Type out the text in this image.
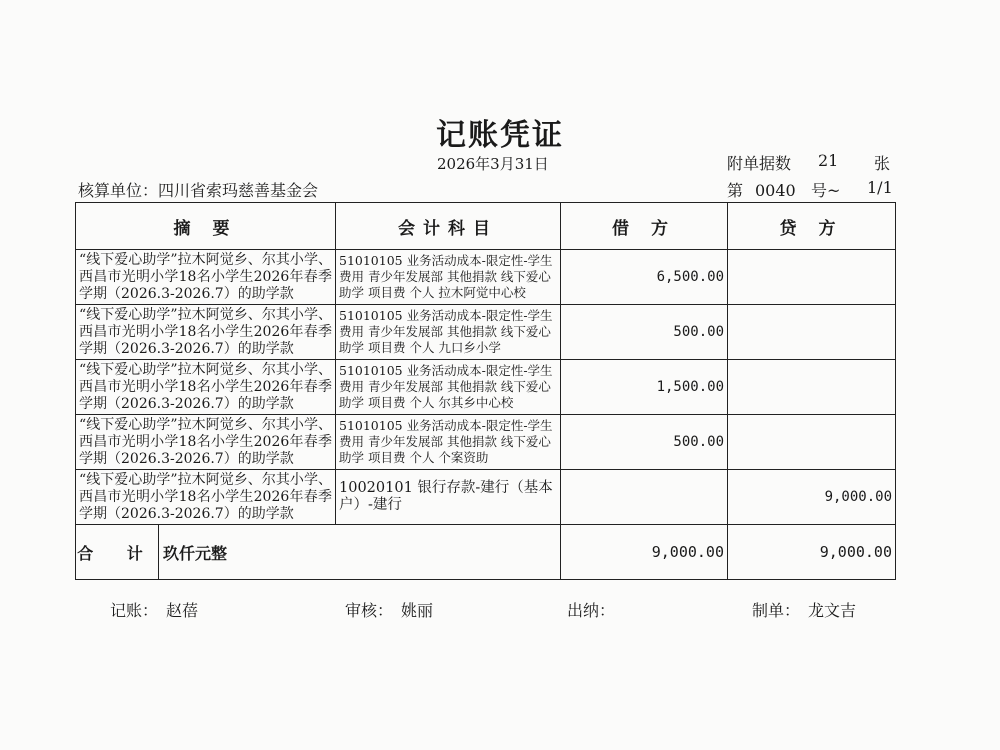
记账凭证
2026年3月31日	附单据数 21 张
核算单位：四川省索玛慈善基金会	第 0040 号~ 1/1
摘 要	会计科目	借 方	贷 方
“线下爱心助学”拉木阿觉乡、尔其小学、西昌市光明小学18名小学生2026年春季学期（2026.3-2026.7）的助学款	51010105 业务活动成本-限定性-学生费用 青少年发展部 其他捐款 线下爱心助学 项目费 个人 拉木阿觉中心校	6,500.00	
“线下爱心助学”拉木阿觉乡、尔其小学、西昌市光明小学18名小学生2026年春季学期（2026.3-2026.7）的助学款	51010105 业务活动成本-限定性-学生费用 青少年发展部 其他捐款 线下爱心助学 项目费 个人 九口乡小学	500.00	
“线下爱心助学”拉木阿觉乡、尔其小学、西昌市光明小学18名小学生2026年春季学期（2026.3-2026.7）的助学款	51010105 业务活动成本-限定性-学生费用 青少年发展部 其他捐款 线下爱心助学 项目费 个人 尔其乡中心校	1,500.00	
“线下爱心助学”拉木阿觉乡、尔其小学、西昌市光明小学18名小学生2026年春季学期（2026.3-2026.7）的助学款	51010105 业务活动成本-限定性-学生费用 青少年发展部 其他捐款 线下爱心助学 项目费 个人 个案资助	500.00	
“线下爱心助学”拉木阿觉乡、尔其小学、西昌市光明小学18名小学生2026年春季学期（2026.3-2026.7）的助学款	10020101 银行存款-建行（基本户）-建行		9,000.00

合 计 玖仟元整		9,000.00	9,000.00
记账： 赵蓓	审核： 姚丽	出纳：	制单： 龙文吉
